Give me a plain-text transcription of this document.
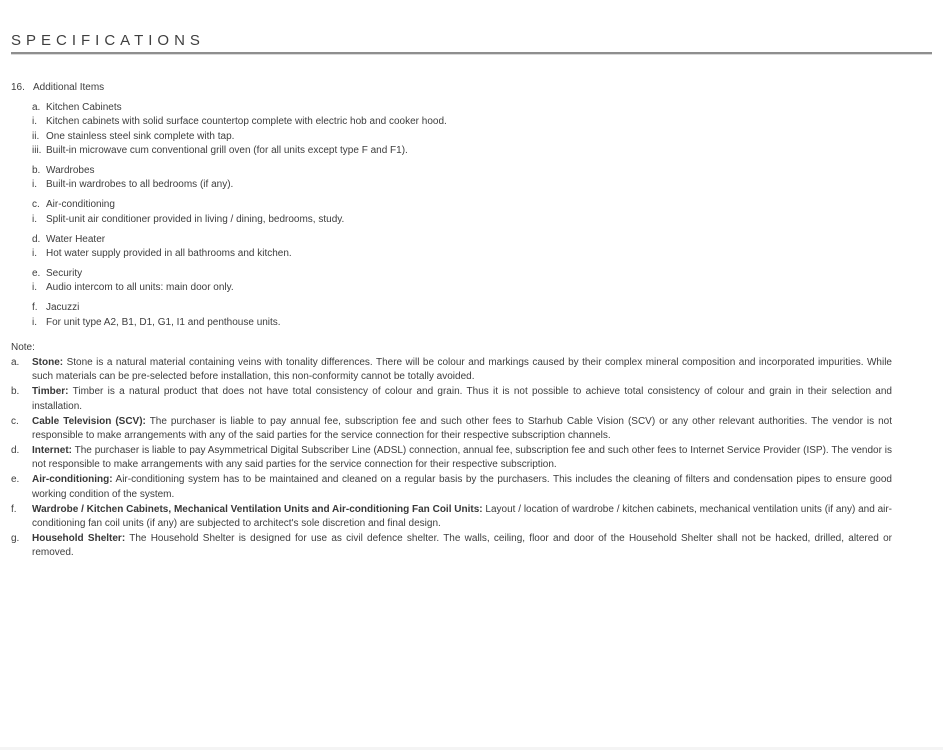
SPECIFICATIONS
16. Additional Items
a. Kitchen Cabinets
i. Kitchen cabinets with solid surface countertop complete with electric hob and cooker hood.
ii. One stainless steel sink complete with tap.
iii. Built-in microwave cum conventional grill oven (for all units except type F and F1).
b. Wardrobes
i. Built-in wardrobes to all bedrooms (if any).
c. Air-conditioning
i. Split-unit air conditioner provided in living / dining, bedrooms, study.
d. Water Heater
i. Hot water supply provided in all bathrooms and kitchen.
e. Security
i. Audio intercom to all units: main door only.
f. Jacuzzi
i. For unit type A2, B1, D1, G1, I1 and penthouse units.
Note:
a.	Stone: Stone is a natural material containing veins with tonality differences. There will be colour and markings caused by their complex mineral composition and incorporated impurities. While such materials can be pre-selected before installation, this non-conformity cannot be totally avoided.
b.	Timber: Timber is a natural product that does not have total consistency of colour and grain. Thus it is not possible to achieve total consistency of colour and grain in their selection and installation.
c.	Cable Television (SCV): The purchaser is liable to pay annual fee, subscription fee and such other fees to Starhub Cable Vision (SCV) or any other relevant authorities. The vendor is not responsible to make arrangements with any of the said parties for the service connection for their respective subscription channels.
d.	Internet: The purchaser is liable to pay Asymmetrical Digital Subscriber Line (ADSL) connection, annual fee, subscription fee and such other fees to Internet Service Provider (ISP). The vendor is not responsible to make arrangements with any said parties for the service connection for their respective subscription.
e.	Air-conditioning: Air-conditioning system has to be maintained and cleaned on a regular basis by the purchasers. This includes the cleaning of filters and condensation pipes to ensure good working condition of the system.
f.	Wardrobe / Kitchen Cabinets, Mechanical Ventilation Units and Air-conditioning Fan Coil Units: Layout / location of wardrobe / kitchen cabinets, mechanical ventilation units (if any) and air-conditioning fan coil units (if any) are subjected to architect's sole discretion and final design.
g.	Household Shelter: The Household Shelter is designed for use as civil defence shelter. The walls, ceiling, floor and door of the Household Shelter shall not be hacked, drilled, altered or removed.
